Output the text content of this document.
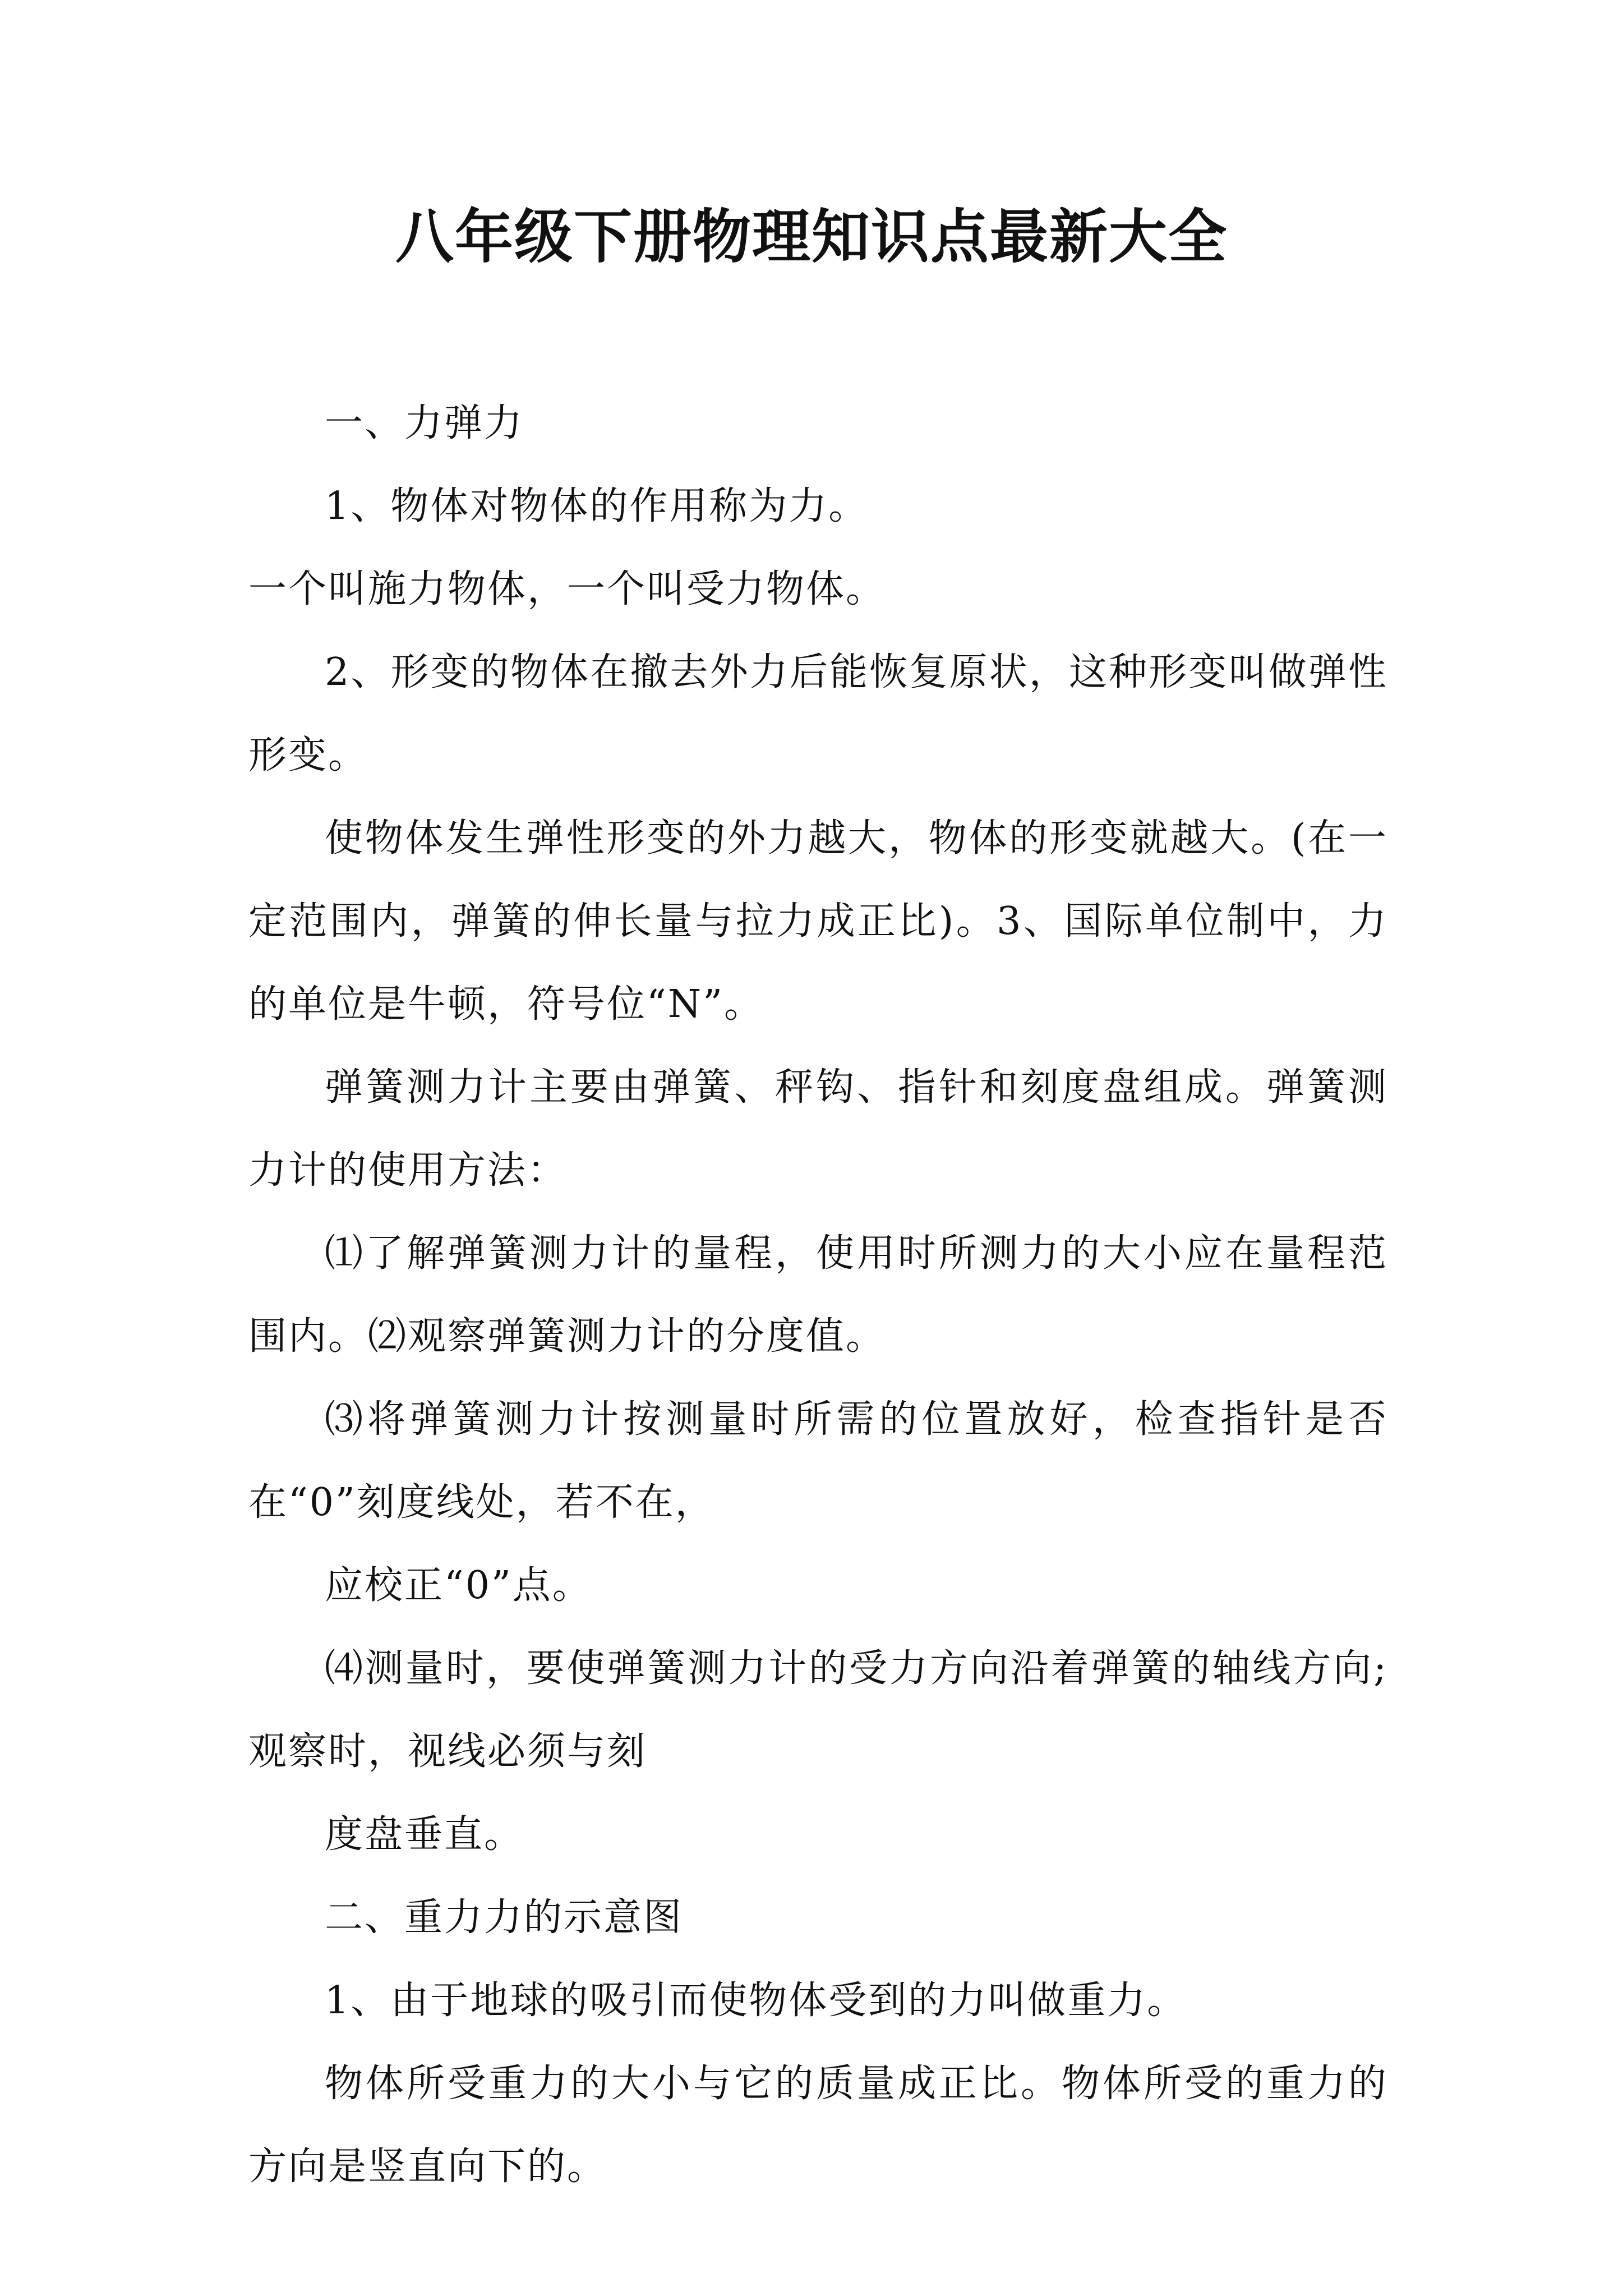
八年级下册物理知识点最新大全

一、力弹力

1、物体对物体的作用称为力。

一个叫施力物体，一个叫受力物体。

2、形变的物体在撤去外力后能恢复原状，这种形变叫做弹性形变。

使物体发生弹性形变的外力越大，物体的形变就越大。(在一定范围内，弹簧的伸长量与拉力成正比)。3、国际单位制中，力的单位是牛顿，符号位“N”。

弹簧测力计主要由弹簧、秤钩、指针和刻度盘组成。弹簧测力计的使用方法：

⑴了解弹簧测力计的量程，使用时所测力的大小应在量程范围内。⑵观察弹簧测力计的分度值。

⑶将弹簧测力计按测量时所需的位置放好，检查指针是否在“0”刻度线处，若不在，

应校正“0”点。

⑷测量时，要使弹簧测力计的受力方向沿着弹簧的轴线方向;观察时，视线必须与刻

度盘垂直。

二、重力力的示意图

1、由于地球的吸引而使物体受到的力叫做重力。

物体所受重力的大小与它的质量成正比。物体所受的重力的方向是竖直向下的。
